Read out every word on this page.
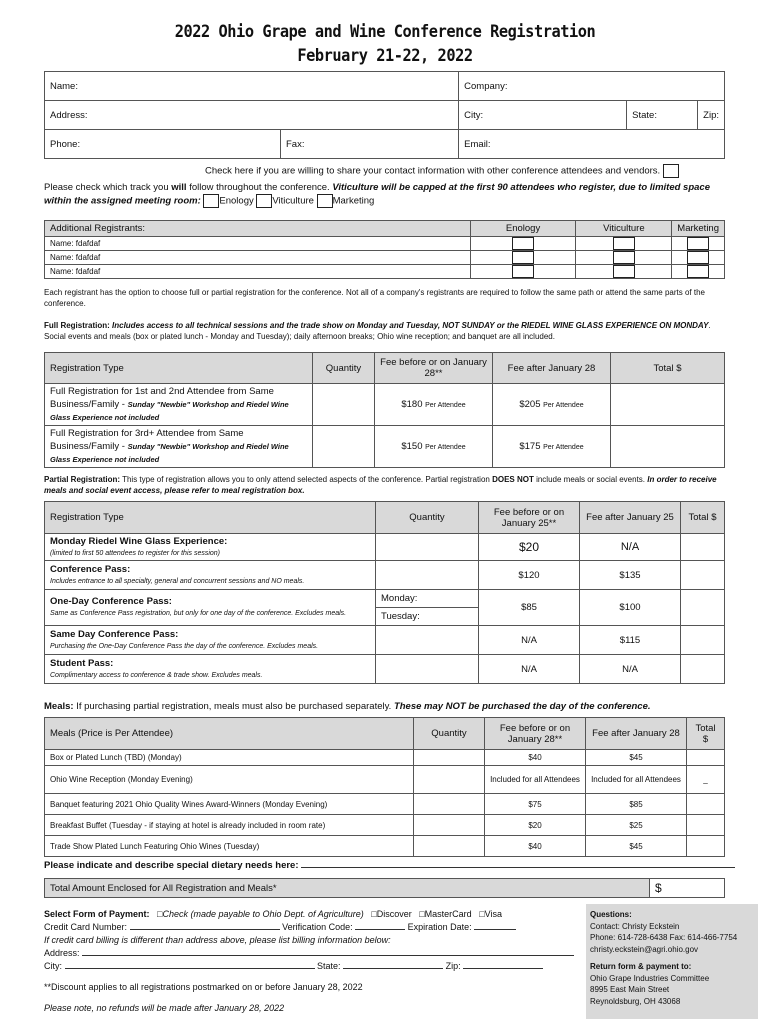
2022 Ohio Grape and Wine Conference Registration
February 21-22, 2022
Name:		Company:		
Address:		City:	State:	Zip:
Phone:	Fax:	Email:		
Check here if you are willing to share your contact information with other conference attendees and vendors.
Please check which track you will follow throughout the conference. Viticulture will be capped at the first 90 attendees who register, due to limited space within the assigned meeting room: Enology Viticulture Marketing
Additional Registrants:	Enology	Viticulture	Marketing
Name: fdafdaf			
Name: fdafdaf			
Name: fdafdaf			
Each registrant has the option to choose full or partial registration for the conference. Not all of a company's registrants are required to follow the same path or attend the same parts of the conference.
Full Registration: Includes access to all technical sessions and the trade show on Monday and Tuesday, NOT SUNDAY or the RIEDEL WINE GLASS EXPERIENCE ON MONDAY. Social events and meals (box or plated lunch - Monday and Tuesday); daily afternoon breaks; Ohio wine reception; and banquet are all included.
Registration Type	Quantity	Fee before or on January 28**	Fee after January 28	Total $
Full Registration for 1st and 2nd Attendee from Same Business/Family - Sunday "Newbie" Workshop and Riedel Wine Glass Experience not included		$180 Per Attendee	$205 Per Attendee	
Full Registration for 3rd+ Attendee from Same Business/Family - Sunday "Newbie" Workshop and Riedel Wine Glass Experience not included		$150 Per Attendee	$175 Per Attendee	
Partial Registration: This type of registration allows you to only attend selected aspects of the conference. Partial registration DOES NOT include meals or social events. In order to receive meals and social event access, please refer to meal registration box.
Registration Type	Quantity	Fee before or on January 25**	Fee after January 25	Total $
Monday Riedel Wine Glass Experience:
(limited to first 50 attendees to register for this session)		$20	N/A	
Conference Pass:
Includes entrance to all specialty, general and concurrent sessions and NO meals.		$120	$135	
One-Day Conference Pass:
Same as Conference Pass registration, but only for one day of the conference. Excludes meals.	Monday:	$85	$100	
	Tuesday:			
Same Day Conference Pass:
Purchasing the One-Day Conference Pass the day of the conference. Excludes meals.		N/A	$115	
Student Pass:
Complimentary access to conference & trade show. Excludes meals.		N/A	N/A	
Meals: If purchasing partial registration, meals must also be purchased separately. These may NOT be purchased the day of the conference.
Meals (Price is Per Attendee)	Quantity	Fee before or on January 28**	Fee after January 28	Total $
Box or Plated Lunch (TBD) (Monday)		$40	$45	
Ohio Wine Reception (Monday Evening)		Included for all Attendees	Included for all Attendees	_
Banquet featuring 2021 Ohio Quality Wines Award-Winners (Monday Evening)		$75	$85	
Breakfast Buffet (Tuesday - if staying at hotel is already included in room rate)		$20	$25	
Trade Show Plated Lunch Featuring Ohio Wines (Tuesday)		$40	$45	
Please indicate and describe special dietary needs here:
Total Amount Enclosed for All Registration and Meals*	$
Select Form of Payment: □Check (made payable to Ohio Dept. of Agriculture) □Discover □MasterCard □Visa
Credit Card Number:	Verification Code:	Expiration Date:
If credit card billing is different than address above, please list billing information below:
Address:
City:	State:	Zip:
**Discount applies to all registrations postmarked on or before January 28, 2022
Please note, no refunds will be made after January 28, 2022
Questions:
Contact: Christy Eckstein
Phone: 614-728-6438 Fax: 614-466-7754
christy.eckstein@agri.ohio.gov

Return form & payment to:
Ohio Grape Industries Committee
8995 East Main Street
Reynoldsburg, OH 43068
